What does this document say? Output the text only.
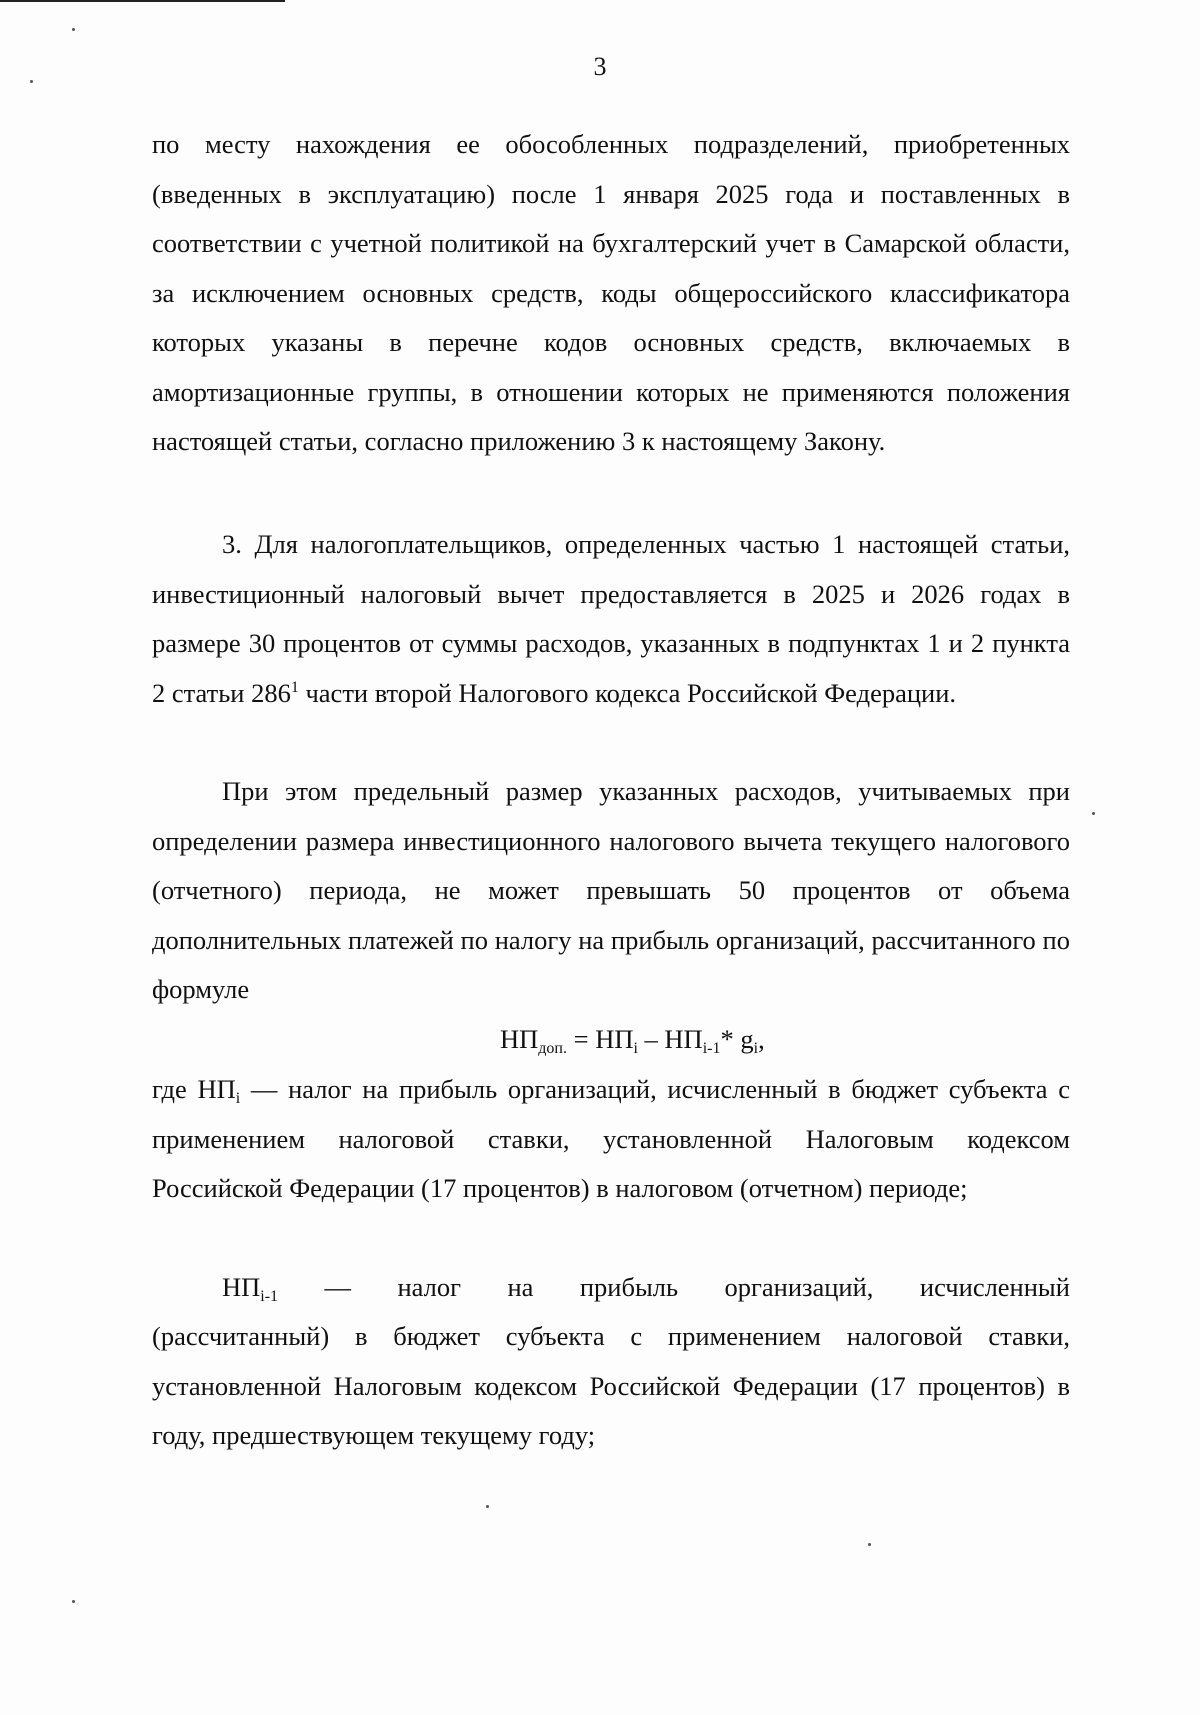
3

по месту нахождения ее обособленных подразделений, приобретенных (введенных в эксплуатацию) после 1 января 2025 года и поставленных в соответствии с учетной политикой на бухгалтерский учет в Самарской области, за исключением основных средств, коды общероссийского классификатора которых указаны в перечне кодов основных средств, включаемых в амортизационные группы, в отношении которых не применяются положения настоящей статьи, согласно приложению 3 к настоящему Закону.

3. Для налогоплательщиков, определенных частью 1 настоящей статьи, инвестиционный налоговый вычет предоставляется в 2025 и 2026 годах в размере 30 процентов от суммы расходов, указанных в подпунктах 1 и 2 пункта 2 статьи $286^1$ части второй Налогового кодекса Российской Федерации.

При этом предельный размер указанных расходов, учитываемых при определении размера инвестиционного налогового вычета текущего налогового (отчетного) периода, не может превышать 50 процентов от объема дополнительных платежей по налогу на прибыль организаций, рассчитанного по формуле

$НП_{доп.} = НП_i - НП_{i-1}*$ $g_i$,

где $НП_i$ — налог на прибыль организаций, исчисленный в бюджет субъекта с применением налоговой ставки, установленной Налоговым кодексом Российской Федерации (17 процентов) в налоговом (отчетном) периоде;

$НП_{i-1}$ — налог на прибыль организаций, исчисленный

(рассчитанный) в бюджет субъекта с применением налоговой ставки, установленной Налоговым кодексом Российской Федерации (17 процентов) в году, предшествующем текущему году;
